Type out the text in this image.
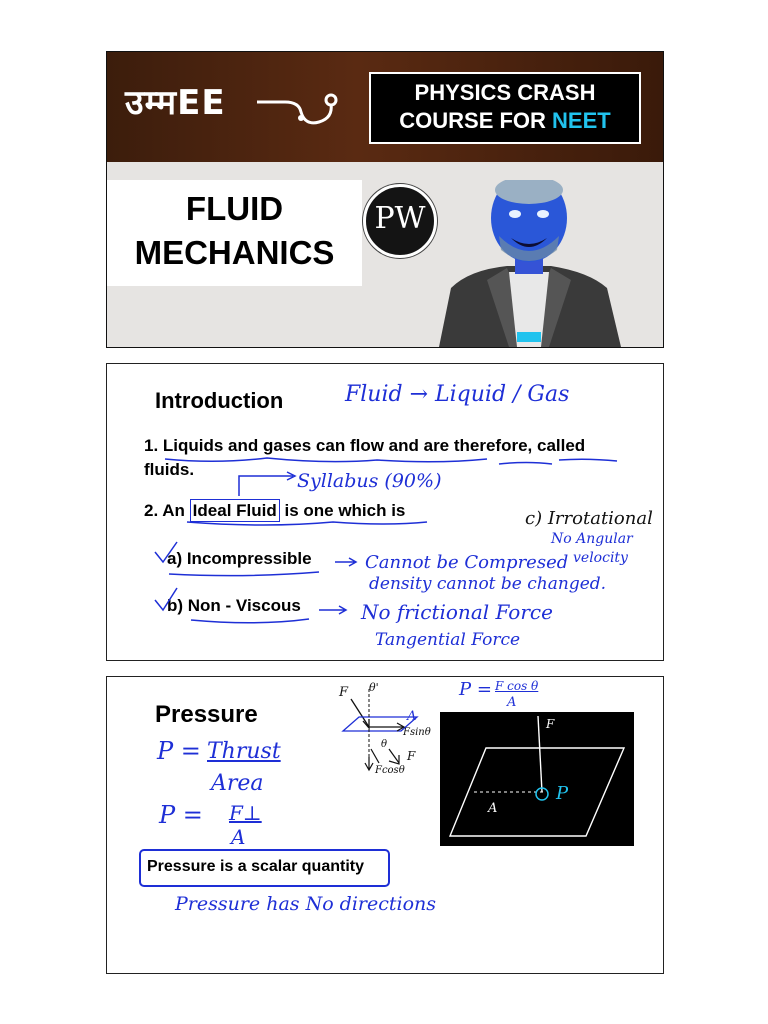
उम्मEE	PHYSICS CRASH
COURSE FOR NEET
FLUID
MECHANICS
PW
Introduction	Fluid → Liquid / Gas
1. Liquids and gases can flow and are therefore, called
fluids.
Syllabus (90%)
2. An Ideal Fluid is one which is	c) Irrotational
No Angular
velocity
a) Incompressible	Cannot be Compresed
density cannot be changed.
b) Non - Viscous	No frictional Force
Tangential Force
Pressure
P = Thrust
Area
P = F⊥
A
Pressure is a scalar quantity
Pressure has No directions
P = F cos θ
A
F θ'
A
Fsinθ
θ
F
Fcosθ
F
A
P
